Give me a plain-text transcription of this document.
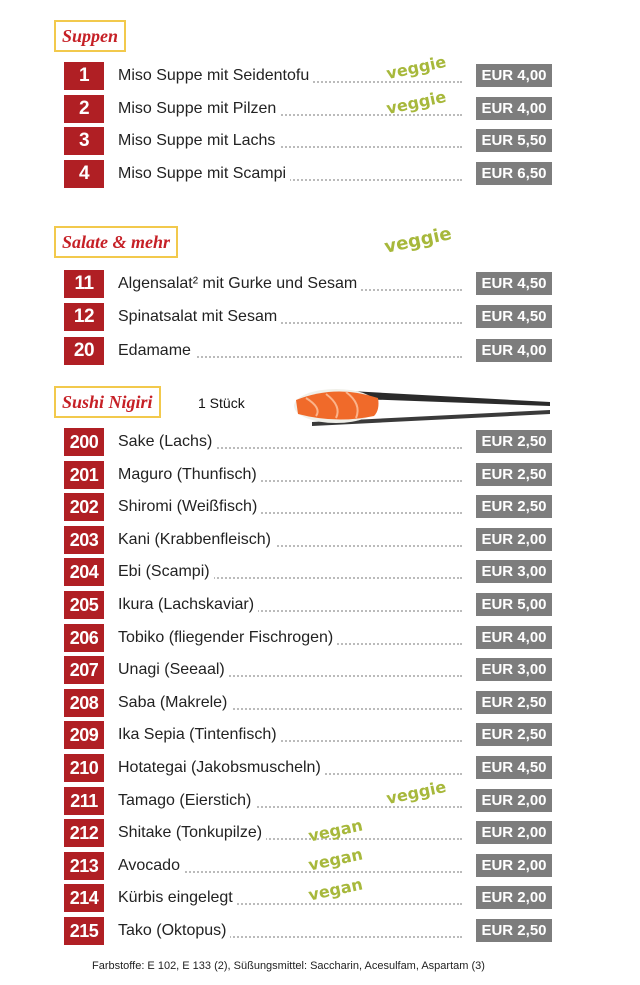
Suppen
Salate & mehr
Sushi Nigiri	1 Stück
veggie
1	Miso Suppe mit Seidentofu	EUR 4,00
veggie
2	Miso Suppe mit Pilzen	EUR 4,00
veggie
3	Miso Suppe mit Lachs	EUR 5,50
4	Miso Suppe mit Scampi	EUR 6,50
11	Algensalat² mit Gurke und Sesam	EUR 4,50
12	Spinatsalat mit Sesam	EUR 4,50
20	Edamame	EUR 4,00
200	Sake (Lachs)	EUR 2,50
201	Maguro (Thunfisch)	EUR 2,50
202	Shiromi (Weißfisch)	EUR 2,50
203	Kani (Krabbenfleisch)	EUR 2,00
204	Ebi (Scampi)	EUR 3,00
205	Ikura (Lachskaviar)	EUR 5,00
206	Tobiko (fliegender Fischrogen)	EUR 4,00
207	Unagi (Seeaal)	EUR 3,00
208	Saba (Makrele)	EUR 2,50
209	Ika Sepia (Tintenfisch)	EUR 2,50
210	Hotategai (Jakobsmuscheln)	EUR 4,50
211	Tamago (Eierstich)	EUR 2,00
veggie
212	Shitake (Tonkupilze)	EUR 2,00
vegan
213	Avocado	EUR 2,00
vegan
214	Kürbis eingelegt	EUR 2,00
vegan
215	Tako (Oktopus)	EUR 2,50
Farbstoffe: E 102, E 133 (2), Süßungsmittel: Saccharin, Acesulfam, Aspartam (3)
